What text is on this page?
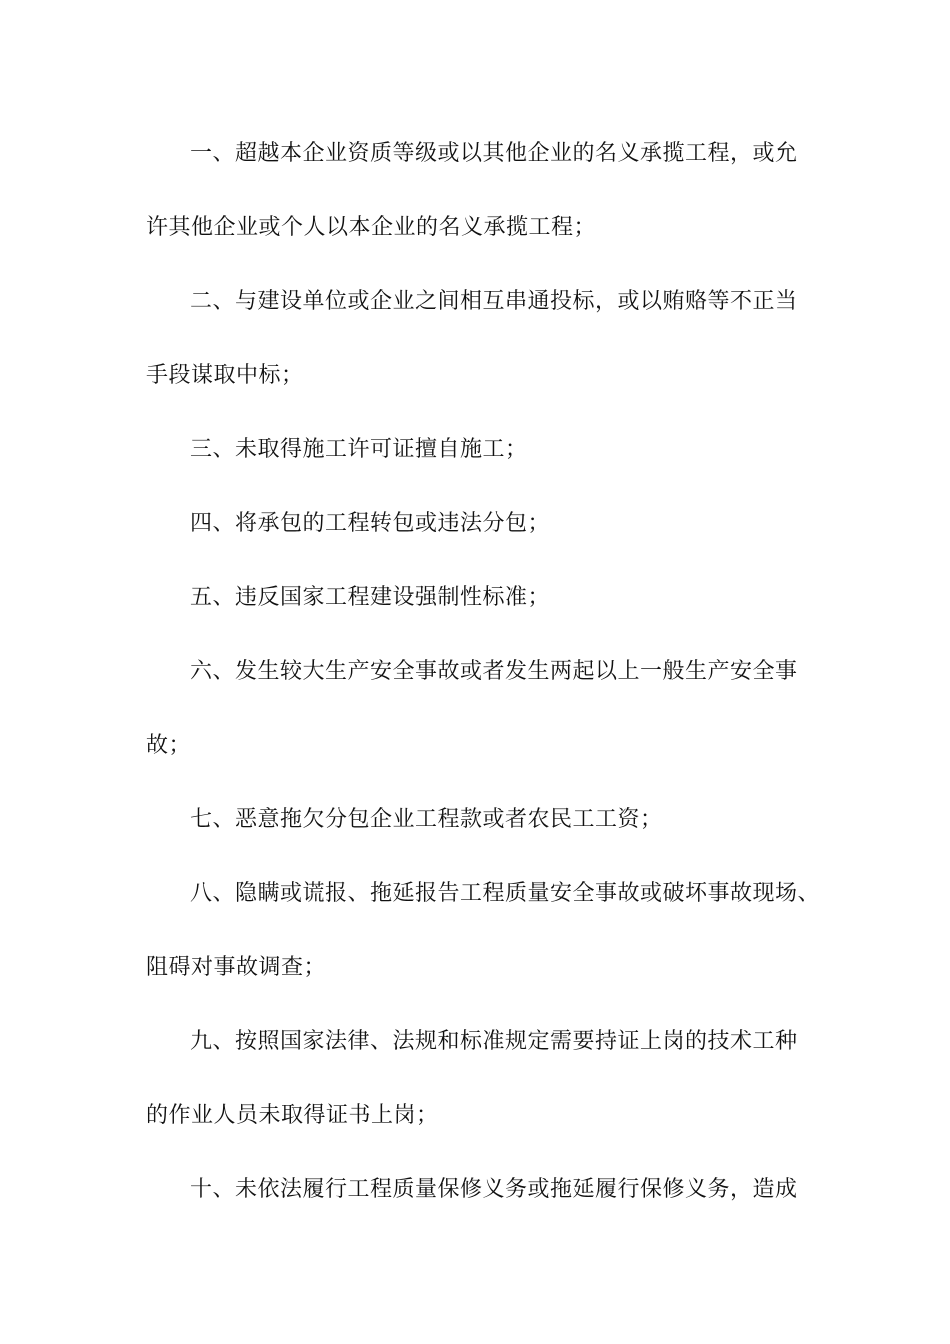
一、超越本企业资质等级或以其他企业的名义承揽工程，或允
许其他企业或个人以本企业的名义承揽工程；
二、与建设单位或企业之间相互串通投标，或以贿赂等不正当
手段谋取中标；
三、未取得施工许可证擅自施工；
四、将承包的工程转包或违法分包；
五、违反国家工程建设强制性标准；
六、发生较大生产安全事故或者发生两起以上一般生产安全事
故；
七、恶意拖欠分包企业工程款或者农民工工资；
八、隐瞒或谎报、拖延报告工程质量安全事故或破坏事故现场、
阻碍对事故调查；
九、按照国家法律、法规和标准规定需要持证上岗的技术工种
的作业人员未取得证书上岗；
十、未依法履行工程质量保修义务或拖延履行保修义务，造成
